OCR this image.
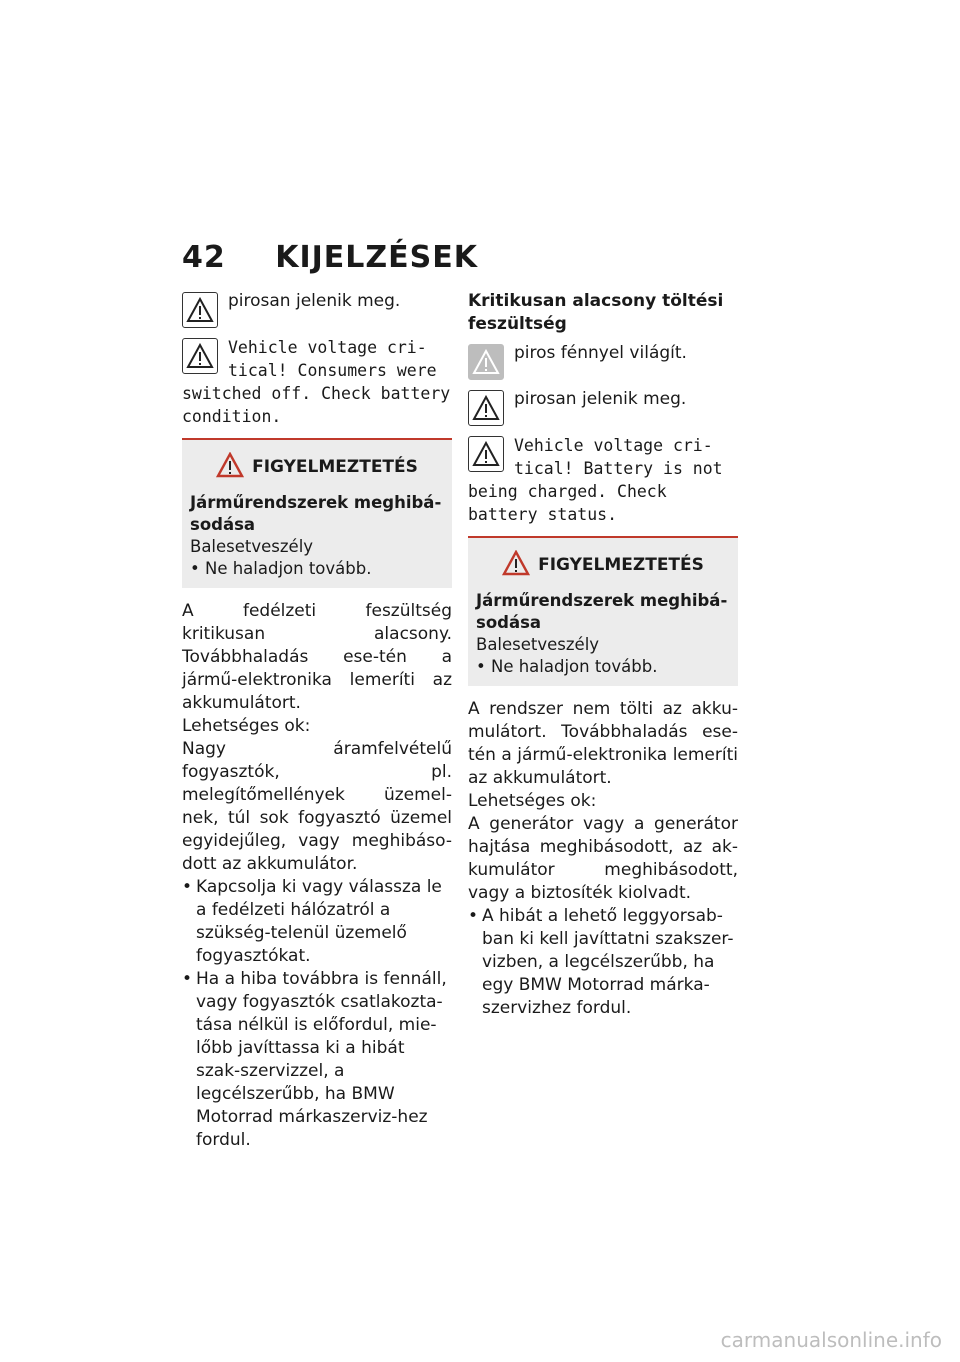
42 KIJELZÉSEK
pirosan jelenik meg.
Vehicle voltage cri-tical! Consumers were switched off. Check battery condition.
FIGYELMEZTETÉS
Járműrendszerek meghibá-sodása
Balesetveszély
• Ne haladjon tovább.
A fedélzeti feszültség kritikusan alacsony. Továbbhaladás ese-tén a jármű-elektronika lemeríti az akkumulátort.
Lehetséges ok:
Nagy áramfelvételű fogyasztók, pl. melegítőmellények üzemel-nek, túl sok fogyasztó üzemel egyidejűleg, vagy meghibáso-dott az akkumulátor.
• Kapcsolja ki vagy válassza le a fedélzeti hálózatról a szükség-telenül üzemelő fogyasztókat.
• Ha a hiba továbbra is fennáll, vagy fogyasztók csatlakozta-tása nélkül is előfordul, mie-lőbb javíttassa ki a hibát szak-szervizzel, a legcélszerűbb, ha BMW Motorrad márkaszerviz-hez fordul.
Kritikusan alacsony töltési feszültség
piros fénnyel világít.
pirosan jelenik meg.
Vehicle voltage cri-tical! Battery is not being charged. Check battery status.
FIGYELMEZTETÉS
Járműrendszerek meghibá-sodása
Balesetveszély
• Ne haladjon tovább.
A rendszer nem tölti az akku-mulátort. Továbbhaladás ese-tén a jármű-elektronika lemeríti az akkumulátort.
Lehetséges ok:
A generátor vagy a generátor hajtása meghibásodott, az ak-kumulátor meghibásodott, vagy a biztosíték kiolvadt.
• A hibát a lehető leggyorsab-ban ki kell javíttatni szakszer-vizben, a legcélszerűbb, ha egy BMW Motorrad márka-szervizhez fordul.
carmanualsonline.info
